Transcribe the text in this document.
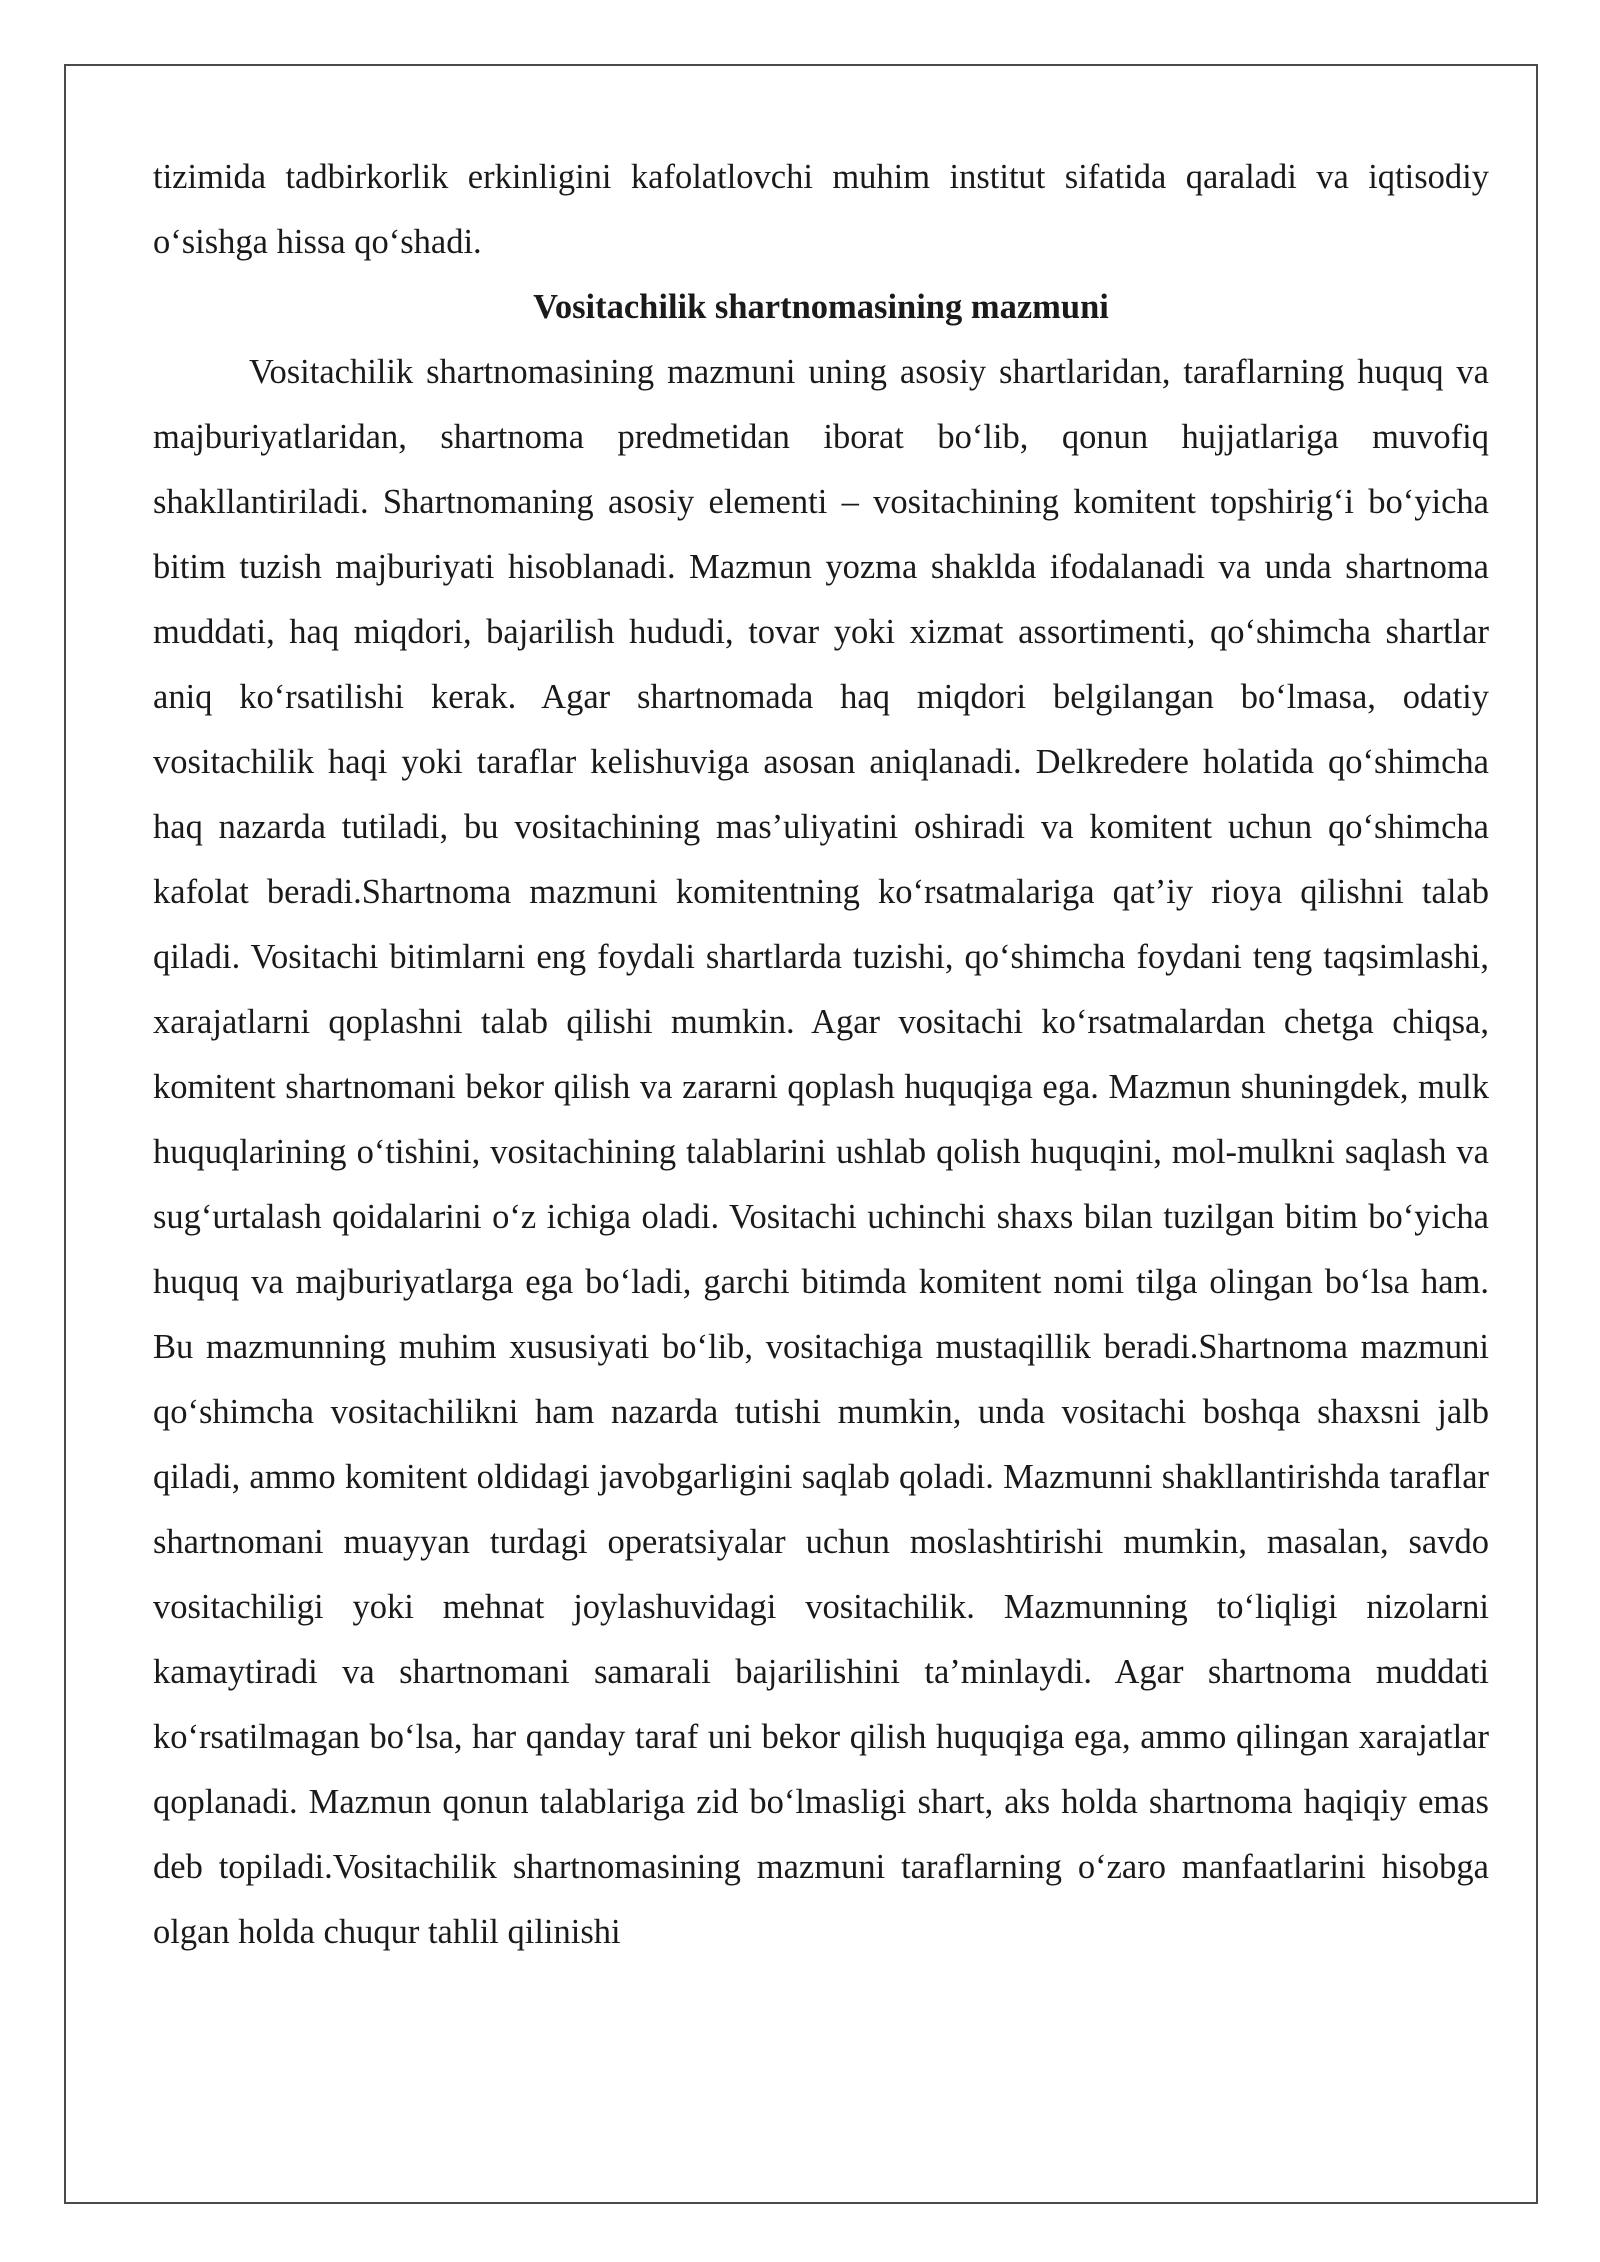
tizimida tadbirkorlik erkinligini kafolatlovchi muhim institut sifatida qaraladi va iqtisodiy o‘sishga hissa qo‘shadi.

Vositachilik shartnomasining mazmuni

Vositachilik shartnomasining mazmuni uning asosiy shartlaridan, taraflarning huquq va majburiyatlaridan, shartnoma predmetidan iborat bo‘lib, qonun hujjatlariga muvofiq shakllantiriladi. Shartnomaning asosiy elementi – vositachining komitent topshirig‘i bo‘yicha bitim tuzish majburiyati hisoblanadi. Mazmun yozma shaklda ifodalanadi va unda shartnoma muddati, haq miqdori, bajarilish hududi, tovar yoki xizmat assortimenti, qo‘shimcha shartlar aniq ko‘rsatilishi kerak. Agar shartnomada haq miqdori belgilangan bo‘lmasa, odatiy vositachilik haqi yoki taraflar kelishuviga asosan aniqlanadi. Delkredere holatida qo‘shimcha haq nazarda tutiladi, bu vositachining mas’uliyatini oshiradi va komitent uchun qo‘shimcha kafolat beradi.Shartnoma mazmuni komitentning ko‘rsatmalariga qat’iy rioya qilishni talab qiladi. Vositachi bitimlarni eng foydali shartlarda tuzishi, qo‘shimcha foydani teng taqsimlashi, xarajatlarni qoplashni talab qilishi mumkin. Agar vositachi ko‘rsatmalardan chetga chiqsa, komitent shartnomani bekor qilish va zararni qoplash huquqiga ega. Mazmun shuningdek, mulk huquqlarining o‘tishini, vositachining talablarini ushlab qolish huquqini, mol-mulkni saqlash va sug‘urtalash qoidalarini o‘z ichiga oladi. Vositachi uchinchi shaxs bilan tuzilgan bitim bo‘yicha huquq va majburiyatlarga ega bo‘ladi, garchi bitimda komitent nomi tilga olingan bo‘lsa ham. Bu mazmunning muhim xususiyati bo‘lib, vositachiga mustaqillik beradi.Shartnoma mazmuni qo‘shimcha vositachilikni ham nazarda tutishi mumkin, unda vositachi boshqa shaxsni jalb qiladi, ammo komitent oldidagi javobgarligini saqlab qoladi. Mazmunni shakllantirishda taraflar shartnomani muayyan turdagi operatsiyalar uchun moslashtirishi mumkin, masalan, savdo vositachiligi yoki mehnat joylashuvidagi vositachilik. Mazmunning to‘liqligi nizolarni kamaytiradi va shartnomani samarali bajarilishini ta’minlaydi. Agar shartnoma muddati ko‘rsatilmagan bo‘lsa, har qanday taraf uni bekor qilish huquqiga ega, ammo qilingan xarajatlar qoplanadi. Mazmun qonun talablariga zid bo‘lmasligi shart, aks holda shartnoma haqiqiy emas deb topiladi.Vositachilik shartnomasining mazmuni taraflarning o‘zaro manfaatlarini hisobga olgan holda chuqur tahlil qilinishi
